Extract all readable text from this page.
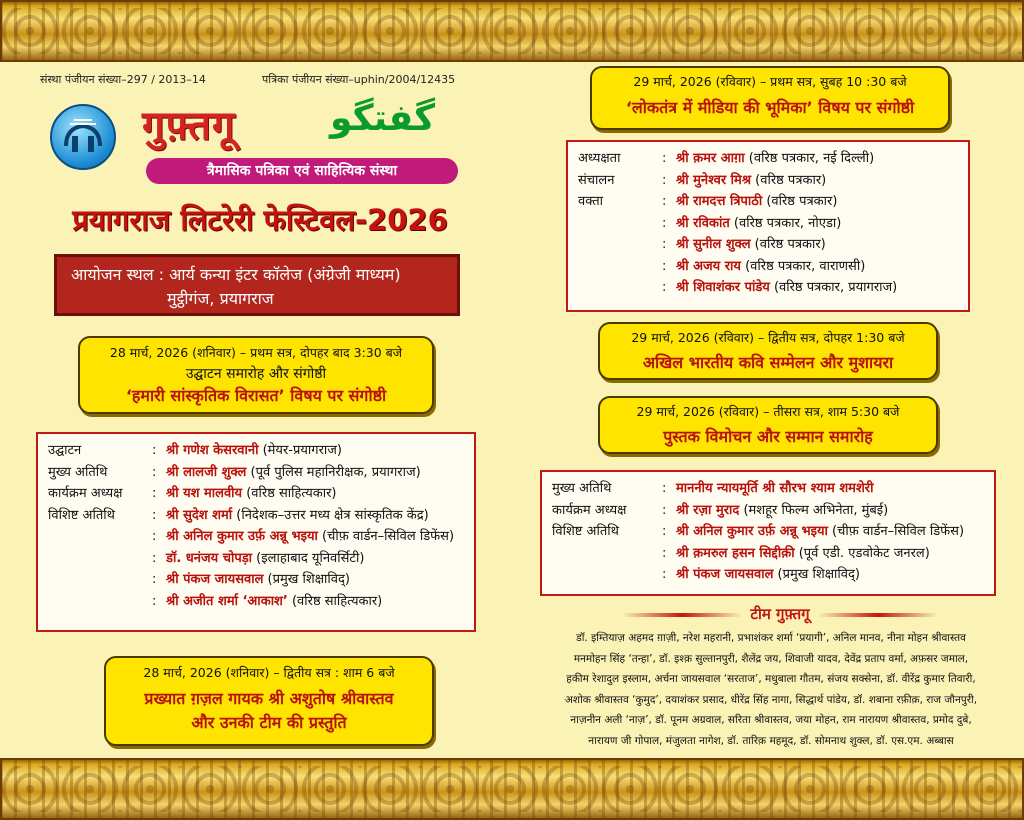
संस्था पंजीयन संख्या–297 / 2013–14	पत्रिका पंजीयन संख्या–uphin/2004/12435
गुफ़्तगू	گفتگو
त्रैमासिक पत्रिका एवं साहित्यिक संस्था
प्रयागराज लिटरेरी फेस्टिवल-2026
आयोजन स्थल : आर्य कन्या इंटर कॉलेज (अंग्रेजी माध्यम)
मुट्ठीगंज, प्रयागराज
28 मार्च, 2026 (शनिवार) – प्रथम सत्र, दोपहर बाद 3:30 बजे
उद्घाटन समारोह और संगोष्ठी
‘हमारी सांस्कृतिक विरासत’ विषय पर संगोष्ठी
उद्घाटन	: श्री गणेश केसरवानी (मेयर-प्रयागराज)
मुख्य अतिथि	: श्री लालजी शुक्ल (पूर्व पुलिस महानिरीक्षक, प्रयागराज)
कार्यक्रम अध्यक्ष	: श्री यश मालवीय (वरिष्ठ साहित्यकार)
विशिष्ट अतिथि	: श्री सुदेश शर्मा (निदेशक–उत्तर मध्य क्षेत्र सांस्कृतिक केंद्र)
: श्री अनिल कुमार उर्फ़ अन्नू भइया (चीफ़ वार्डन–सिविल डिफेंस)
: डॉ. धनंजय चोपड़ा (इलाहाबाद यूनिवर्सिटी)
: श्री पंकज जायसवाल (प्रमुख शिक्षाविद्)
: श्री अजीत शर्मा ‘आकाश’ (वरिष्ठ साहित्यकार)
28 मार्च, 2026 (शनिवार) – द्वितीय सत्र : शाम 6 बजे
प्रख्यात ग़ज़ल गायक श्री अशुतोष श्रीवास्तव
और उनकी टीम की प्रस्तुति
29 मार्च, 2026 (रविवार) – प्रथम सत्र, सुबह 10 :30 बजे
‘लोकतंत्र में मीडिया की भूमिका’ विषय पर संगोष्ठी
अध्यक्षता	: श्री क़मर आग़ा (वरिष्ठ पत्रकार, नई दिल्ली)
संचालन	: श्री मुनेश्वर मिश्र (वरिष्ठ पत्रकार)
वक्ता	: श्री रामदत्त त्रिपाठी (वरिष्ठ पत्रकार)
: श्री रविकांत (वरिष्ठ पत्रकार, नोएडा)
: श्री सुनील शुक्ल (वरिष्ठ पत्रकार)
: श्री अजय राय (वरिष्ठ पत्रकार, वाराणसी)
: श्री शिवाशंकर पांडेय (वरिष्ठ पत्रकार, प्रयागराज)
29 मार्च, 2026 (रविवार) – द्वितीय सत्र, दोपहर 1:30 बजे
अखिल भारतीय कवि सम्मेलन और मुशायरा
29 मार्च, 2026 (रविवार) – तीसरा सत्र, शाम 5:30 बजे
पुस्तक विमोचन और सम्मान समारोह
मुख्य अतिथि	: माननीय न्यायमूर्ति श्री सौरभ श्याम शमशेरी
कार्यक्रम अध्यक्ष	: श्री रज़ा मुराद (मशहूर फिल्म अभिनेता, मुंबई)
विशिष्ट अतिथि	: श्री अनिल कुमार उर्फ़ अन्नू भइया (चीफ़ वार्डन–सिविल डिफेंस)
: श्री क़मरुल हसन सिद्दीक़ी (पूर्व एडी. एडवोकेट जनरल)
: श्री पंकज जायसवाल (प्रमुख शिक्षाविद्)
टीम गुफ़्तगू
डॉ. इम्तियाज़ अहमद ग़ाज़ी, नरेश महरानी, प्रभाशंकर शर्मा ‘प्रयागी’, अनिल मानव, नीना मोहन श्रीवास्तव
मनमोहन सिंह ‘तन्हा’, डॉ. इश्क़ सुल्तानपुरी, शैलेंद्र जय, शिवाजी यादव, देवेंद्र प्रताप वर्मा, अफ़सर जमाल,
हकीम रेशादुल इस्लाम, अर्चना जायसवाल ‘सरताज’, मधुबाला गौतम, संजय सक्सेना, डॉ. वीरेंद्र कुमार तिवारी,
अशोक श्रीवास्तव ‘कुमुद’, दयाशंकर प्रसाद, धीरेंद्र सिंह नागा, सिद्धार्थ पांडेय, डॉ. शबाना रफ़ीक़, राज जौनपुरी,
नाज़नीन अली ‘नाज़’, डॉ. पूनम अग्रवाल, सरिता श्रीवास्तव, जया मोहन, राम नारायण श्रीवास्तव, प्रमोद दुबे,
नारायण जी गोपाल, मंजुलता नागेश, डॉ. तारिक़ महमूद, डॉ. सोमनाथ शुक्ल, डॉ. एस.एम. अब्बास
